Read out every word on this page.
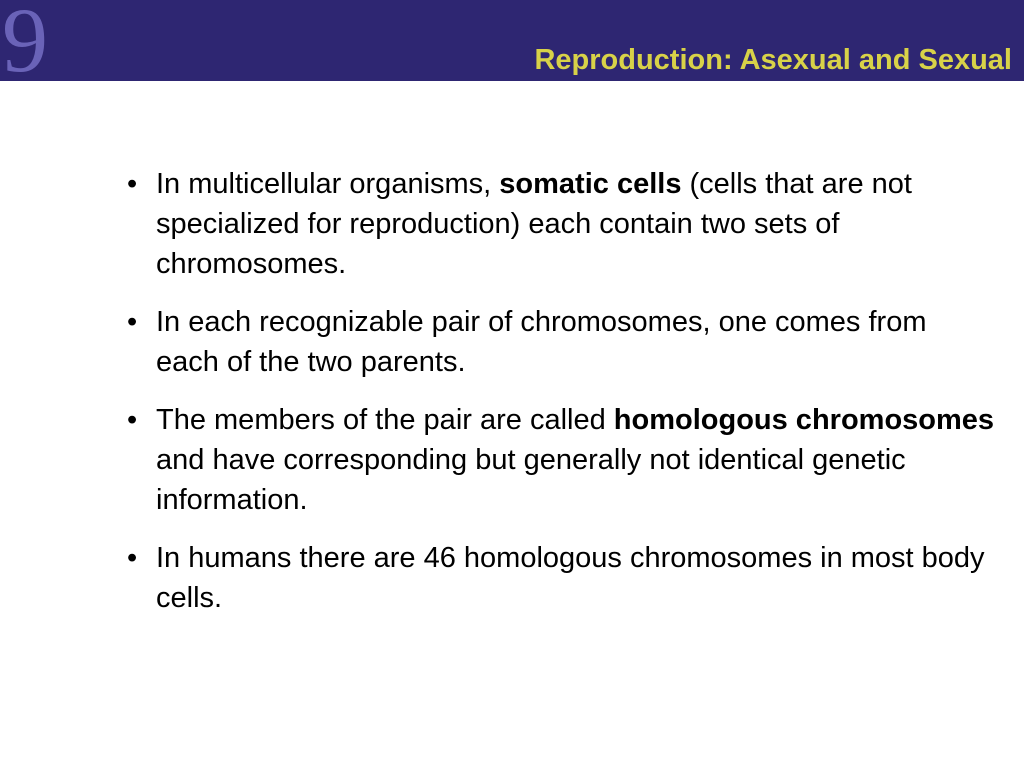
9	Reproduction: Asexual and Sexual
• In multicellular organisms, somatic cells (cells that are not specialized for reproduction) each contain two sets of chromosomes.
• In each recognizable pair of chromosomes, one comes from each of the two parents.
• The members of the pair are called homologous chromosomes and have corresponding but generally not identical genetic information.
• In humans there are 46 homologous chromosomes in most body cells.
